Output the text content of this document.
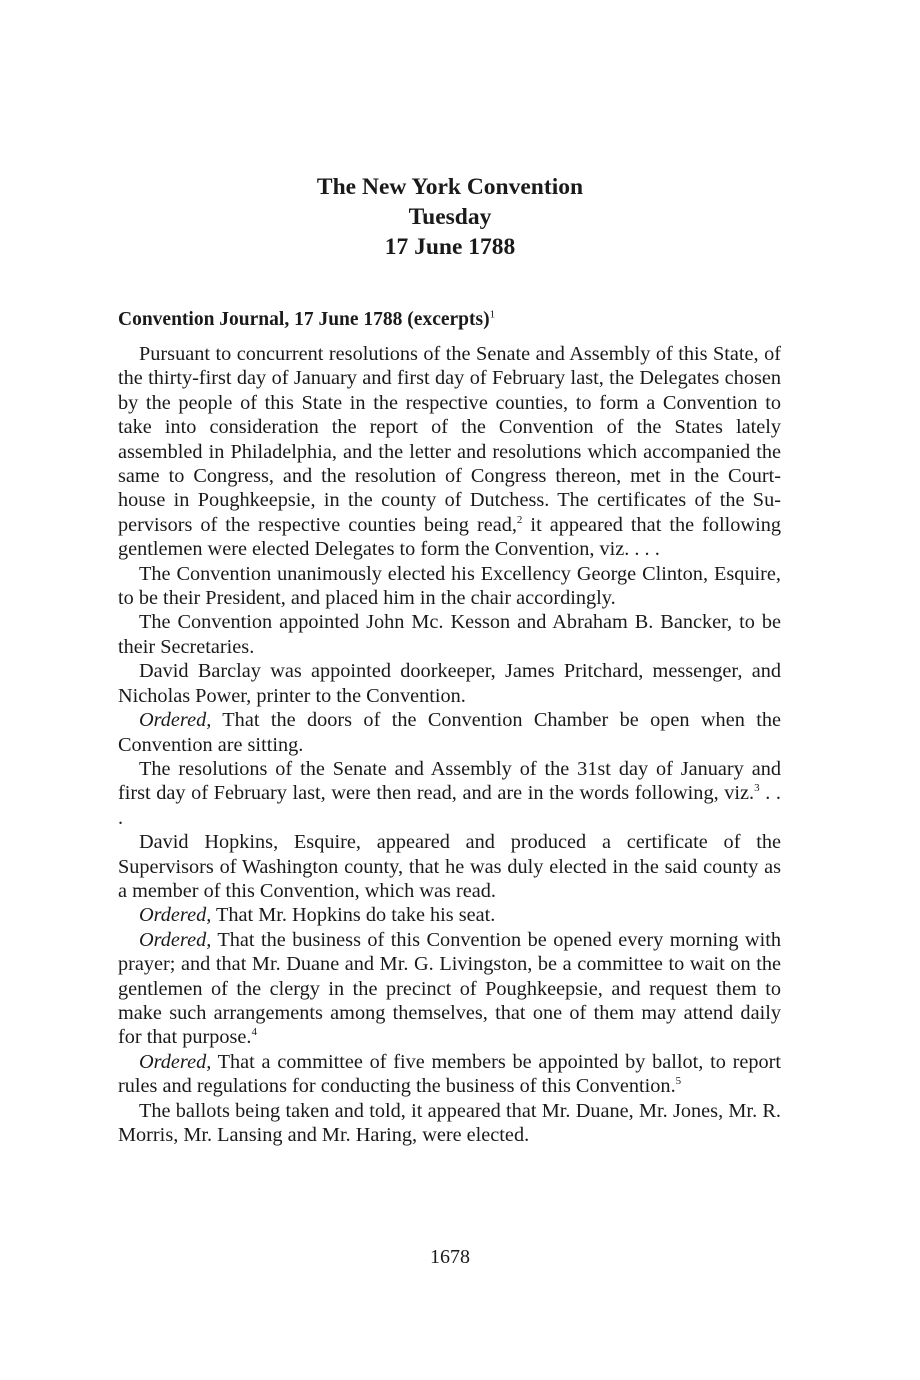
The New York Convention
Tuesday
17 June 1788
Convention Journal, 17 June 1788 (excerpts)$^1$

Pursuant to concurrent resolutions of the Senate and Assembly of this State, of the thirty-first day of January and first day of February last, the Delegates chosen by the people of this State in the respective counties, to form a Convention to take into consideration the report of the Convention of the States lately assembled in Philadelphia, and the letter and resolutions which accompanied the same to Congress, and the resolution of Congress thereon, met in the Court-house in Poughkeepsie, in the county of Dutchess. The certificates of the Supervisors of the respective counties being read,$^2$ it appeared that the following gentlemen were elected Delegates to form the Convention, viz. . . .

The Convention unanimously elected his Excellency George Clinton, Esquire, to be their President, and placed him in the chair accordingly.

The Convention appointed John Mc. Kesson and Abraham B. Bancker, to be their Secretaries.

David Barclay was appointed doorkeeper, James Pritchard, messenger, and Nicholas Power, printer to the Convention.

Ordered, That the doors of the Convention Chamber be open when the Convention are sitting.

The resolutions of the Senate and Assembly of the 31st day of January and first day of February last, were then read, and are in the words following, viz.$^3$ . . .

David Hopkins, Esquire, appeared and produced a certificate of the Supervisors of Washington county, that he was duly elected in the said county as a member of this Convention, which was read.

Ordered, That Mr. Hopkins do take his seat.

Ordered, That the business of this Convention be opened every morning with prayer; and that Mr. Duane and Mr. G. Livingston, be a committee to wait on the gentlemen of the clergy in the precinct of Poughkeepsie, and request them to make such arrangements among themselves, that one of them may attend daily for that purpose.$^4$

Ordered, That a committee of five members be appointed by ballot, to report rules and regulations for conducting the business of this Convention.$^5$

The ballots being taken and told, it appeared that Mr. Duane, Mr. Jones, Mr. R. Morris, Mr. Lansing and Mr. Haring, were elected.

1678
